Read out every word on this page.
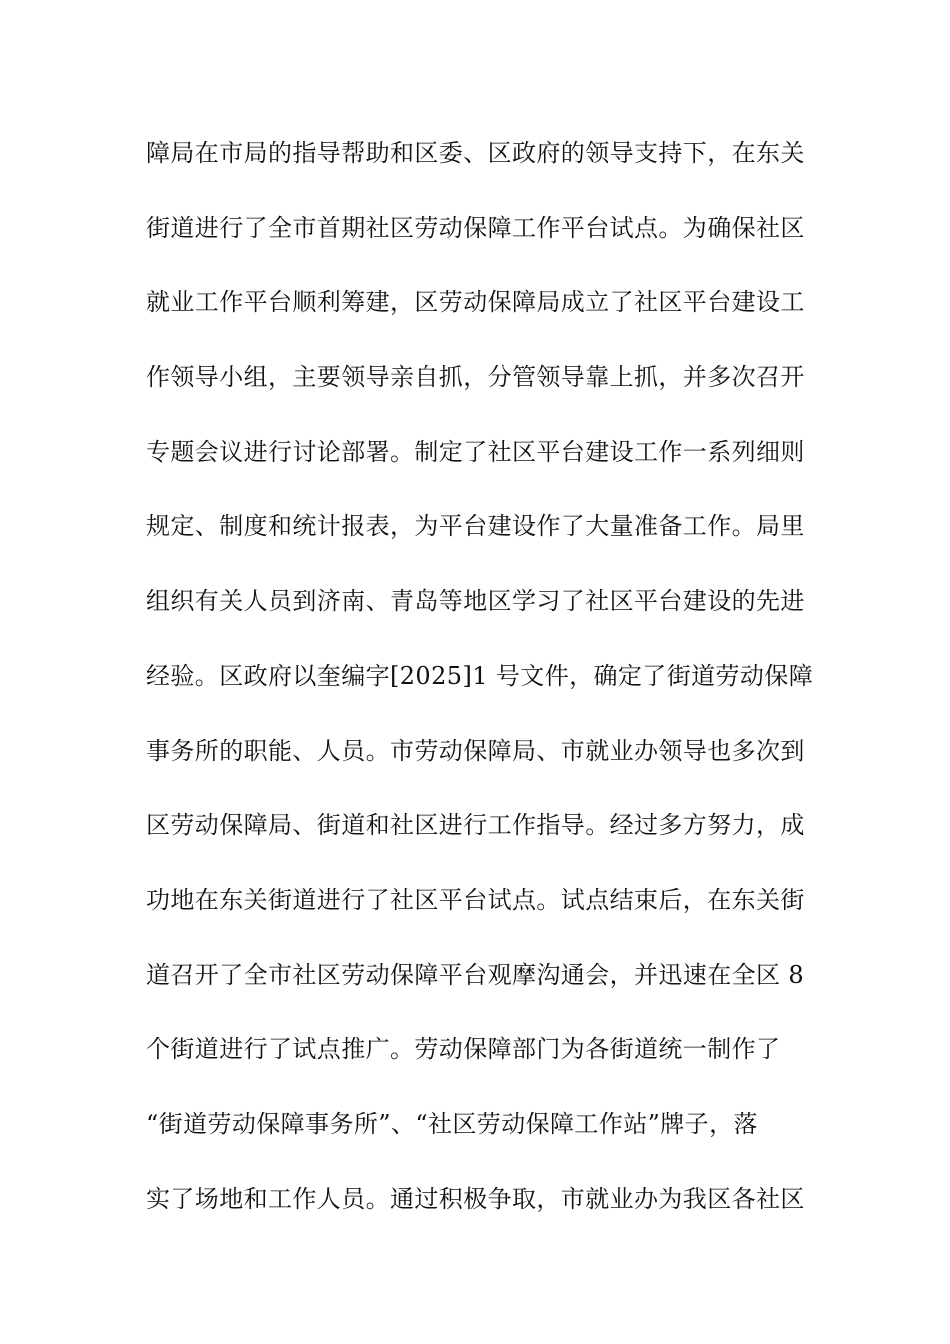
障局在市局的指导帮助和区委、区政府的领导支持下，在东关
街道进行了全市首期社区劳动保障工作平台试点。为确保社区
就业工作平台顺利筹建，区劳动保障局成立了社区平台建设工
作领导小组，主要领导亲自抓，分管领导靠上抓，并多次召开
专题会议进行讨论部署。制定了社区平台建设工作一系列细则
规定、制度和统计报表，为平台建设作了大量准备工作。局里
组织有关人员到济南、青岛等地区学习了社区平台建设的先进
经验。区政府以奎编字[2025]1 号文件，确定了街道劳动保障
事务所的职能、人员。市劳动保障局、市就业办领导也多次到
区劳动保障局、街道和社区进行工作指导。经过多方努力，成
功地在东关街道进行了社区平台试点。试点结束后，在东关街
道召开了全市社区劳动保障平台观摩沟通会，并迅速在全区 8
个街道进行了试点推广。劳动保障部门为各街道统一制作了
“街道劳动保障事务所”、“社区劳动保障工作站”牌子，落
实了场地和工作人员。通过积极争取，市就业办为我区各社区
